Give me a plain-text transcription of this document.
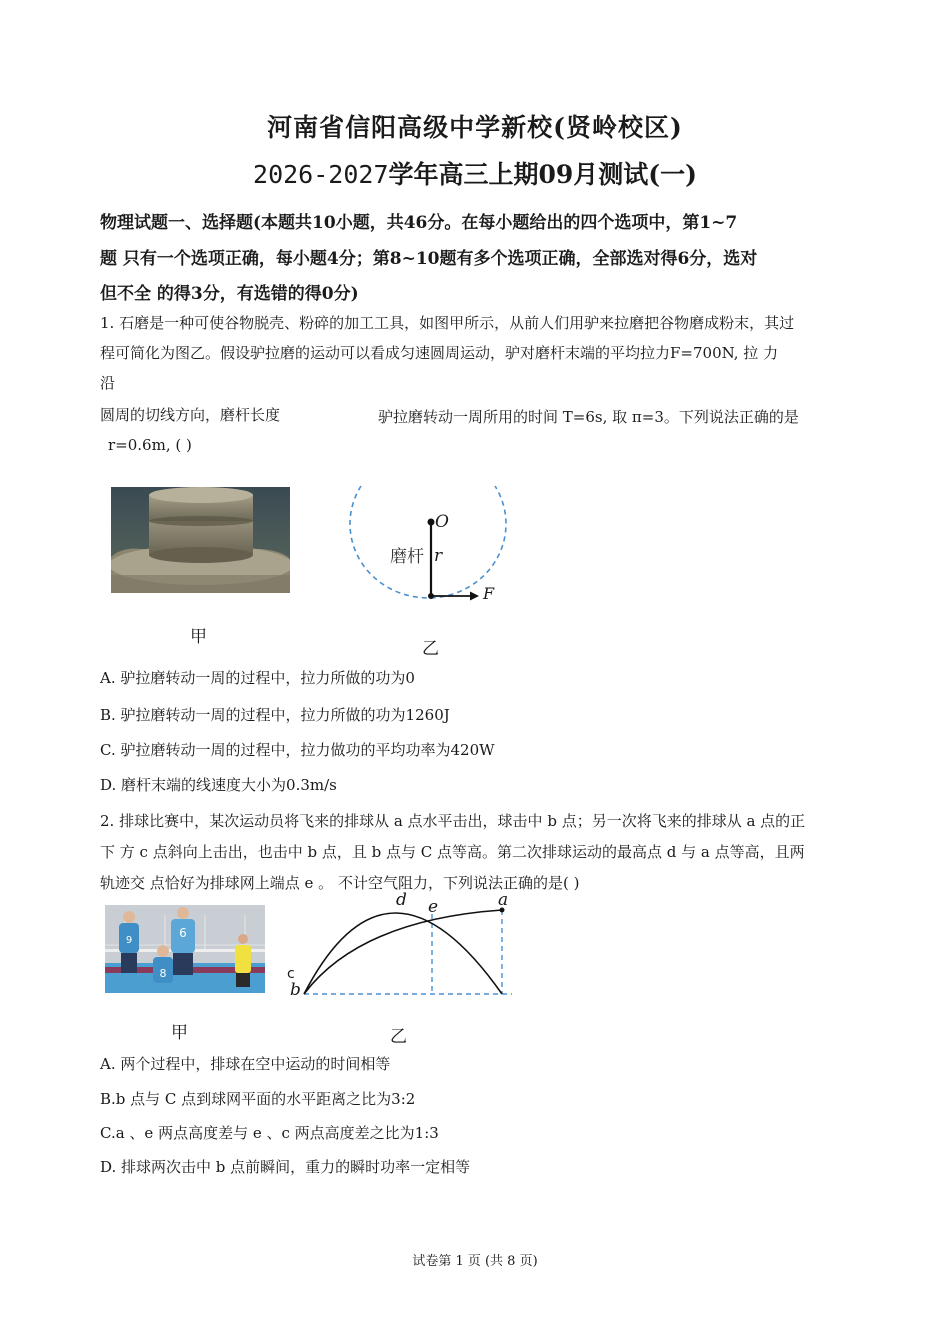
河南省信阳高级中学新校(贤岭校区)
2026-2027学年高三上期09月测试(一)
物理试题一、选择题(本题共10小题，共46分。在每小题给出的四个选项中，第1~7
题 只有一个选项正确，每小题4分；第8~10题有多个选项正确，全部选对得6分，选对
但不全 的得3分，有选错的得0分)
1. 石磨是一种可使谷物脱壳、粉碎的加工工具，如图甲所示，从前人们用驴来拉磨把谷物磨成粉末，其过
程可简化为图乙。假设驴拉磨的运动可以看成匀速圆周运动，驴对磨杆末端的平均拉力F=700N, 拉 力
沿
圆周的切线方向，磨杆长度	驴拉磨转动一周所用的时间 T=6s, 取 π=3。下列说法正确的是
r=0.6m, ( )
甲
O
磨杆 r
F
乙
A. 驴拉磨转动一周的过程中，拉力所做的功为0
B. 驴拉磨转动一周的过程中，拉力所做的功为1260J
C. 驴拉磨转动一周的过程中，拉力做功的平均功率为420W
D. 磨杆末端的线速度大小为0.3m/s
2. 排球比赛中，某次运动员将飞来的排球从 a 点水平击出，球击中 b 点；另一次将飞来的排球从 a 点的正
下 方 c 点斜向上击出，也击中 b 点，且 b 点与 C 点等高。第二次排球运动的最高点 d 与 a 点等高，且两
轨迹交 点恰好为排球网上端点 e 。 不计空气阻力，下列说法正确的是( )
9
6
8
甲
d e	a
c
b
乙
A. 两个过程中，排球在空中运动的时间相等
B.b 点与 C 点到球网平面的水平距离之比为3:2
C.a 、e 两点高度差与 e 、c 两点高度差之比为1:3
D. 排球两次击中 b 点前瞬间，重力的瞬时功率一定相等
试卷第 1 页 (共 8 页)
